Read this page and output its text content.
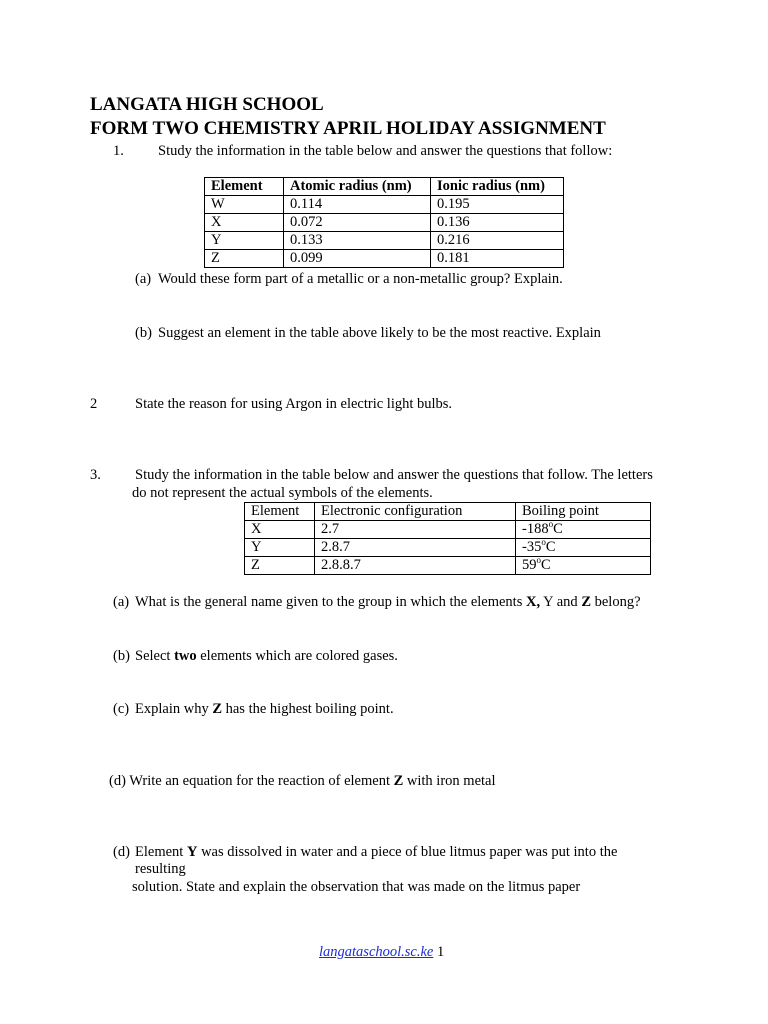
LANGATA HIGH SCHOOL
FORM TWO CHEMISTRY APRIL HOLIDAY ASSIGNMENT
1. Study the information in the table below and answer the questions that follow:
Element	Atomic radius (nm)	Ionic radius (nm)
W	0.114	0.195
X	0.072	0.136
Y	0.133	0.216
Z	0.099	0.181
(a) Would these form part of a metallic or a non-metallic group? Explain.
(b) Suggest an element in the table above likely to be the most reactive. Explain
2	State the reason for using Argon in electric light bulbs.
3. Study the information in the table below and answer the questions that follow. The letters
do not represent the actual symbols of the elements.
Element	Electronic configuration	Boiling point
X	2.7	-188$^o$C
Y	2.8.7	-35$^o$C
Z	2.8.8.7	59$^o$C
(a) What is the general name given to the group in which the elements X, Y and Z belong?
(b) Select two elements which are colored gases.
(c) Explain why Z has the highest boiling point.
(d) Write an equation for the reaction of element Z with iron metal
(d) Element Y was dissolved in water and a piece of blue litmus paper was put into the
resulting
solution. State and explain the observation that was made on the litmus paper
langataschool.sc.ke 1
